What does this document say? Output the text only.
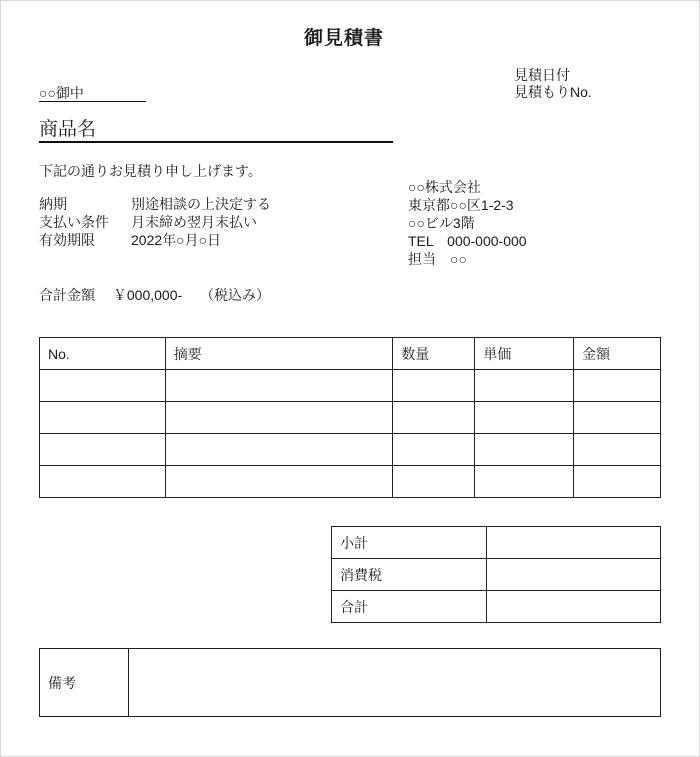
御見積書
○○御中
見積日付
見積もりNo.
商品名
下記の通りお見積り申し上げます。
納期	別途相談の上決定する
支払い条件	月末締め翌月末払い
有効期限	2022年○月○日
○○株式会社
東京都○○区1-2-3
○○ビル3階
TEL　000-000-000
担当　○○
合計金額 ￥000,000- （税込み）
No.	摘要	数量	単価	金額

小計	
消費税	
合計	
備考	
